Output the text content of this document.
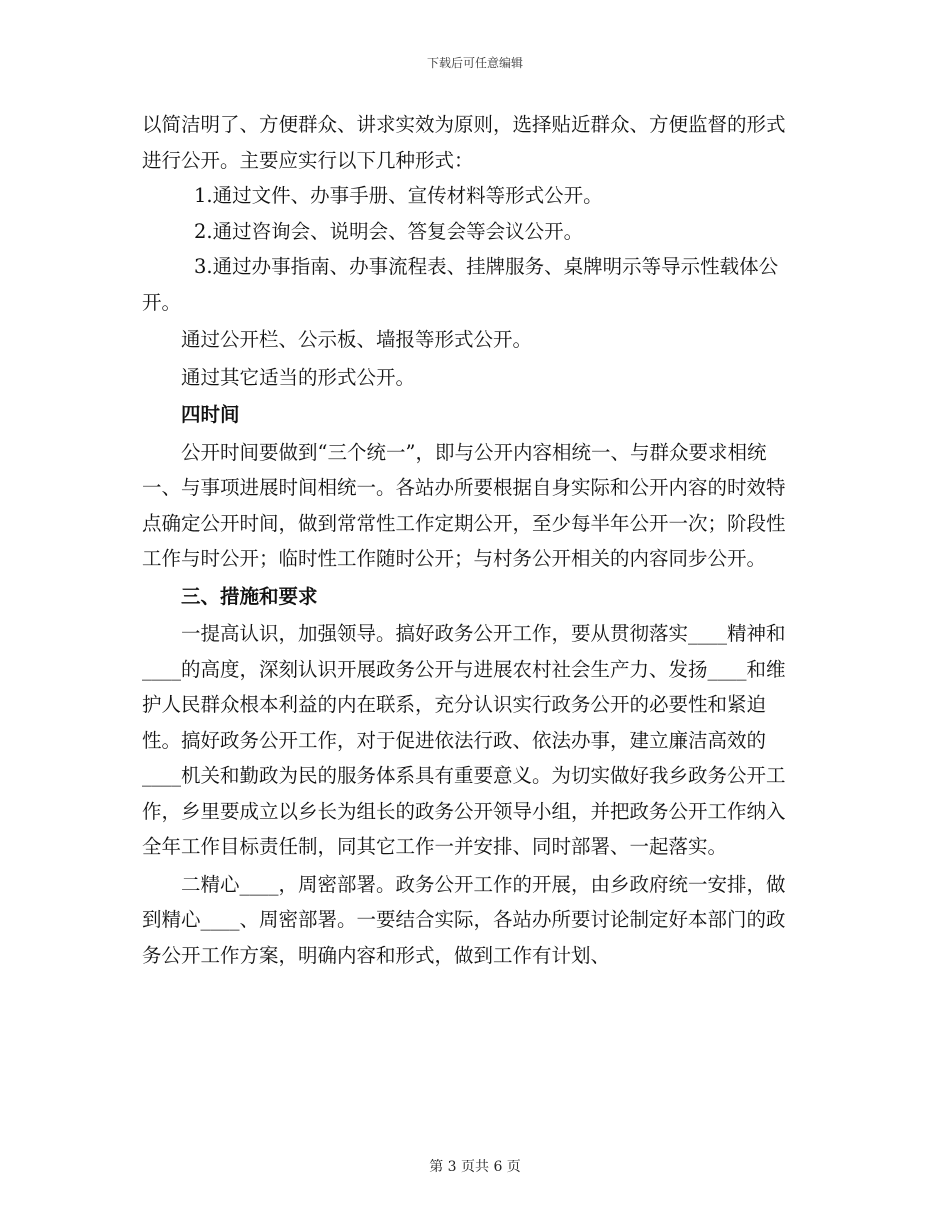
下载后可任意编辑

以简洁明了、方便群众、讲求实效为原则，选择贴近群众、方便监督的形式进行公开。主要应实行以下几种形式：

1.通过文件、办事手册、宣传材料等形式公开。

2.通过咨询会、说明会、答复会等会议公开。

3.通过办事指南、办事流程表、挂牌服务、桌牌明示等导示性载体公开。

通过公开栏、公示板、墙报等形式公开。

通过其它适当的形式公开。

四时间

公开时间要做到“三个统一”，即与公开内容相统一、与群众要求相统一、与事项进展时间相统一。各站办所要根据自身实际和公开内容的时效特点确定公开时间，做到常常性工作定期公开，至少每半年公开一次；阶段性工作与时公开；临时性工作随时公开；与村务公开相关的内容同步公开。

三、措施和要求

一提高认识，加强领导。搞好政务公开工作，要从贯彻落实____精神和____的高度，深刻认识开展政务公开与进展农村社会生产力、发扬____和维护人民群众根本利益的内在联系，充分认识实行政务公开的必要性和紧迫性。搞好政务公开工作，对于促进依法行政、依法办事，建立廉洁高效的____机关和勤政为民的服务体系具有重要意义。为切实做好我乡政务公开工作，乡里要成立以乡长为组长的政务公开领导小组，并把政务公开工作纳入全年工作目标责任制，同其它工作一并安排、同时部署、一起落实。

二精心____，周密部署。政务公开工作的开展，由乡政府统一安排，做到精心____、周密部署。一要结合实际，各站办所要讨论制定好本部门的政务公开工作方案，明确内容和形式，做到工作有计划、

第 3 页共 6 页
